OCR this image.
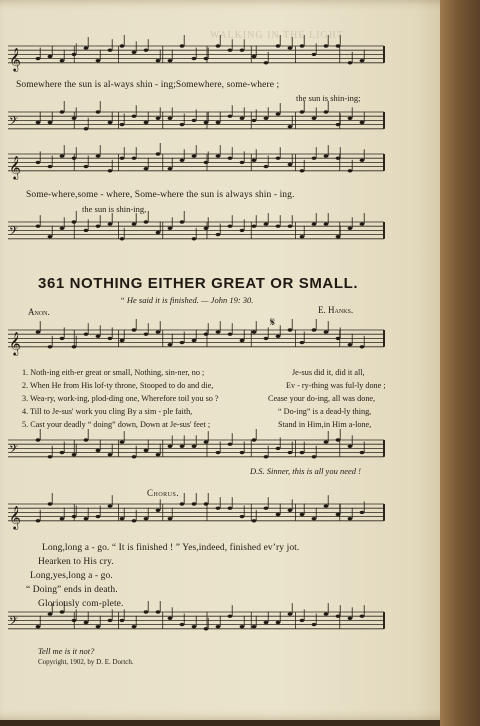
WALKING IN THE LIGHT
𝄞
𝄢
𝄞
𝄢
𝄞
𝄢
𝄞
𝄢
𝄋
Somewhere the sun is al-ways shin - ing;Somewhere, some-where ;
the sun is shin-ing;
Some-where,some - where, Some-where the sun is always shin - ing.
the sun is shin-ing,
361 NOTHING EITHER GREAT OR SMALL.
“ He said it is finished. — John 19: 30.
Anon.	E. Hanks.
1. Noth-ing eith-er great or small, Nothing, sin-ner, no ;	Je-sus did it, did it all,
2. When He from His lof-ty throne, Stooped to do and die,	Ev - ry-thing was ful-ly done ;
3. Wea-ry, work-ing, plod-ding one, Wherefore toil you so ?	Cease your do-ing, all was done,
4. Till to Je-sus' work you cling By a sim - ple faith,	“ Do-ing” is a dead-ly thing,
5. Cast your deadly “ doing” down, Down at Je-sus' feet ;	Stand in Him,in Him a-lone,
D.S. Sinner, this is all you need !
Chorus.
Long,long a - go. “ It is finished ! ” Yes,indeed, finished ev’ry jot.
Hearken to His cry.
Long,yes,long a - go.
“ Doing” ends in death.
Gloriously com-plete.
Tell me is it not?
Copyright, 1902, by D. E. Dortch.
